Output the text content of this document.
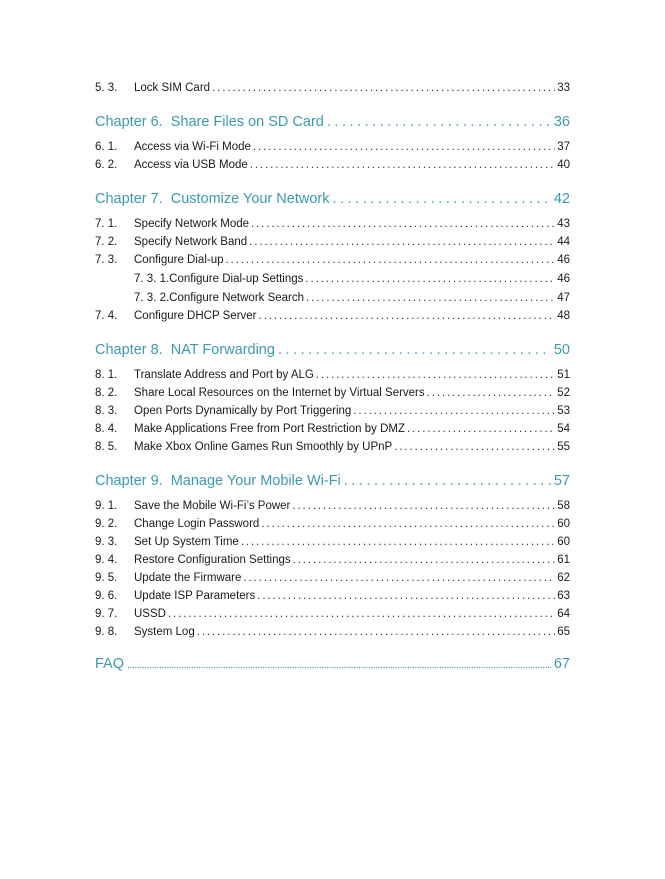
5. 3.	Lock SIM Card . . .	33
Chapter 6. Share Files on SD Card . . .	36
6. 1.	Access via Wi-Fi Mode . . .	37
6. 2.	Access via USB Mode . . .	40
Chapter 7. Customize Your Network . . .	42
7. 1.	Specify Network Mode . . .	43
7. 2.	Specify Network Band . . .	44
7. 3.	Configure Dial-up . . .	46
7. 3. 1.Configure Dial-up Settings . . .	46
7. 3. 2.Configure Network Search . . .	47
7. 4.	Configure DHCP Server . . .	48
Chapter 8. NAT Forwarding . . .	50
8. 1.	Translate Address and Port by ALG . . .	51
8. 2.	Share Local Resources on the Internet by Virtual Servers . . .	52
8. 3.	Open Ports Dynamically by Port Triggering . . .	53
8. 4.	Make Applications Free from Port Restriction by DMZ . . .	54
8. 5.	Make Xbox Online Games Run Smoothly by UPnP . . .	55
Chapter 9. Manage Your Mobile Wi-Fi . . .	57
9. 1.	Save the Mobile Wi-Fi’s Power . . .	58
9. 2.	Change Login Password . . .	60
9. 3.	Set Up System Time . . .	60
9. 4.	Restore Configuration Settings . . .	61
9. 5.	Update the Firmware . . .	62
9. 6.	Update ISP Parameters . . .	63
9. 7.	USSD . . .	64
9. 8.	System Log . . .	65
FAQ .....	67
